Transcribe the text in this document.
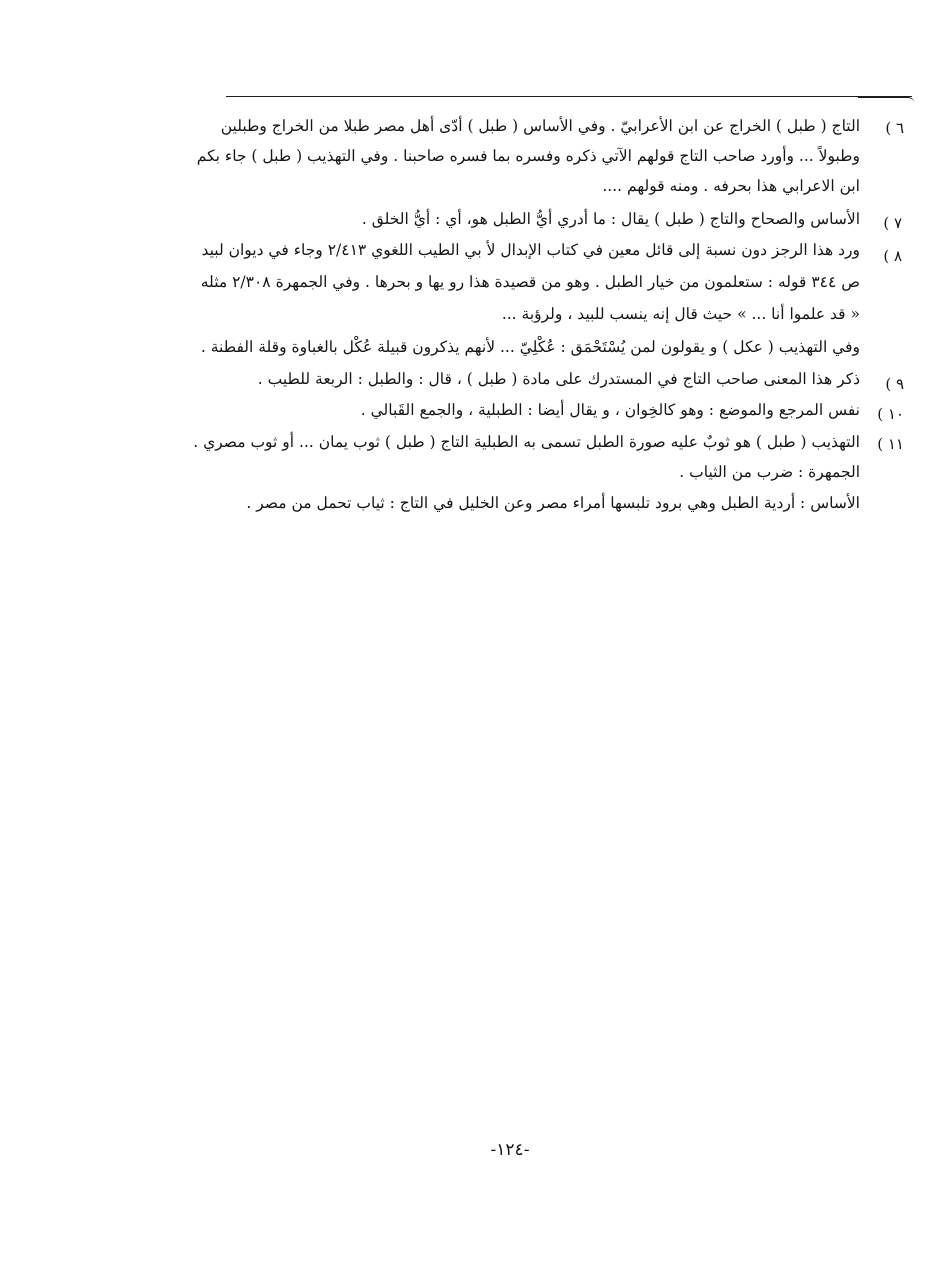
٦ )
التاج ( طبل ) الخراج عن ابن الأعرابيّ . وفي الأساس ( طبل ) أدّى أهل مصر طبلا من الخراج وطبلين
وطبولاً ... وأورد صاحب التاج قولهم الآتي ذكره وفسره بما فسره صاحبنا . وفي التهذيب ( طبل ) جاء بكم
ابن الاعرابي هذا بحرفه . ومنه قولهم ....
٧ )
الأساس والصحاح والتاج ( طبل ) يقال : ما أدري أيُّ الطبل هو، أي : أيُّ الخلق .
٨ )
ورد هذا الرجز دون نسبة إلى قائل معين في كتاب الإبدال لأ بي الطيب اللغوي ٢/٤١٣ وجاء في ديوان لبيد
ص ٣٤٤ قوله : ستعلمون من خيار الطبل . وهو من قصيدة هذا رو يها و بحرها . وفي الجمهرة ٢/٣٠٨ مثله
« قد علموا أنا ... » حيث قال إنه ينسب للبيد ، ولرؤبة ...
وفي التهذيب ( عكل ) و يقولون لمن يُسْتَحْمَق : عُكْلِيّ ... لأنهم يذكرون قبيلة عُكْل بالغباوة وقلة الفطنة .
٩ )
ذكر هذا المعنى صاحب التاج في المستدرك على مادة ( طبل ) ، قال : والطبل : الربعة للطيب .
١٠ )
نفس المرجع والموضع : وهو كالخِوان ، و يقال أيضا : الطبلية ، والجمع القَبالي .
١١ )
التهذيب ( طبل ) هو ثوبٌ عليه صورة الطبل تسمى به الطبلية التاج ( طبل ) ثوب يمان ... أو ثوب مصري .
الجمهرة : ضرب من الثياب .
الأساس : أردية الطبل وهي برود تلبسها أمراء مصر وعن الخليل في التاج : ثياب تحمل من مصر .
-١٢٤-
